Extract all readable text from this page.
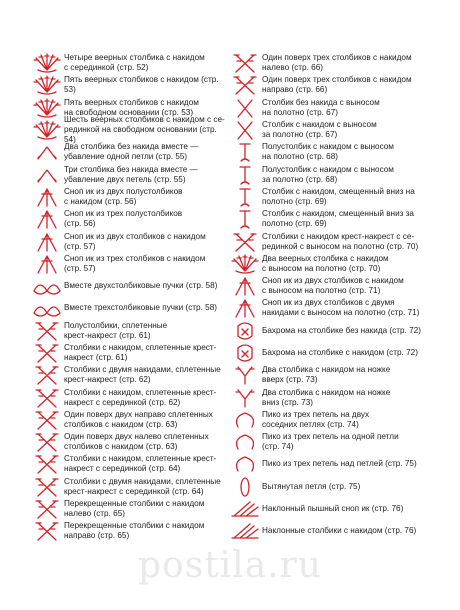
Четыре веерных столбика с накидом
с серединкой (стр. 52)
Пять веерных столбиков с накидом (стр.
53)
Пять веерных столбиков с накидом
на свободном основании (стр. 53)
Шесть веерных столбиков с накидом с се-
рединкой на свободном основании (стр. 54)
Два столбика без накида вместе —
убавление одной петли (стр. 55)
Три столбика без накида вместе —
убавление двух петель (стр. 55)
Сноп ик из двух полустолбиков
с накидом (стр. 56)
Сноп ик из трех полустолбиков
(стр. 56)
Сноп ик из двух столбиков с накидом
(стр. 57)
Сноп ик из трех столбиков с накидом
(стр. 57)
Вместе двухстолбиковые пучки (стр. 58)
Вместе трехстолбиковые пучки (стр. 58)
Полустолбики, сплетенные
крест-накрест (стр. 61)
Столбики с накидом, сплетенные крест-
накрест (стр. 61)
Столбики с двумя накидами, сплетенные
крест-накрест (стр. 62)
Столбики с накидом, сплетенные крест-
накрест с серединкой (стр. 62)
Один поверх двух направо сплетенных
столбиков с накидом (стр. 63)
Один поверх двух налево сплетенных
столбиков с накидом (стр. 63)
Столбики с накидом, сплетенные крест-
накрест с серединкой (стр. 64)
Столбики с двумя накидами, сплетенные
крест-накрест с серединкой (стр. 64)
Перекрещенные столбики с накидом
налево (стр. 65)
Перекрещенные столбики с накидом
направо (стр. 65)
Один поверх трех столбиков с накидом
налево (стр. 66)
Один поверх трех столбиков с накидом
направо (стр. 66)
Столбик без накида с выносом
на полотно (стр. 67)
Столбик с накидом с выносом
за полотно (стр. 67)
Полустолбик с накидом с выносом
на полотно (стр. 68)
Полустолбик с накидом с выносом
за полотно (стр. 68)
Столбик с накидом, смещенный вниз на
полотно (стр. 69)
Столбик с накидом, смещенный вниз за
полотно (стр. 69)
Столбики с накидом крест-накрест с се-
рединкой с выносом на полотно (стр. 70)
Два веерных столбика с накидом
с выносом на полотно (стр. 70)
Сноп ик из двух столбиков с накидом
с выносом на полотно (стр. 71)
Сноп ик из двух столбиков с двумя
накидами с выносом на полотно (стр. 71)
Бахрома на столбике без накида (стр. 72)
Бахрома на столбике с накидом (стр. 72)
Два столбика с накидом на ножке
вверх (стр. 73)
Два столбика с накидом на ножке
вниз (стр. 73)
Пико из трех петель на двух
соседних петлях (стр. 74)
Пико из трех петель на одной петли
(стр. 74)
Пико из трех петель над петлей (стр. 75)
Вытянутая петля (стр. 75)
Наклонный пышный сноп ик (стр. 76)
Наклонные столбики с накидом (стр. 76)
postila.ru
